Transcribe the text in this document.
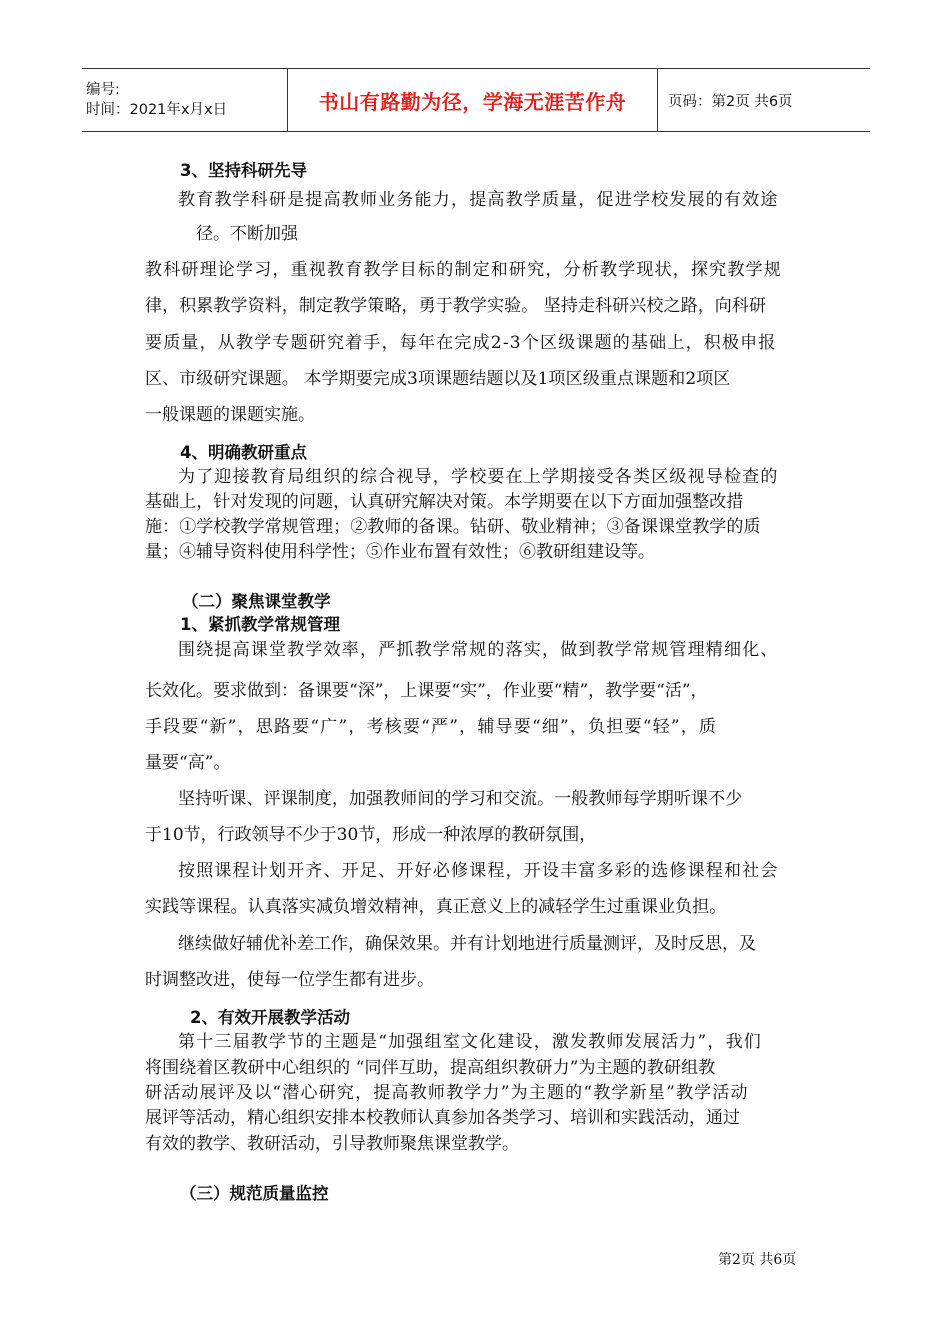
编号:
时间：2021年x月x日	书山有路勤为径，学海无涯苦作舟	页码：第2页 共6页
3、坚持科研先导
教育教学科研是提高教师业务能力，提高教学质量，促进学校发展的有效途
径。不断加强
教科研理论学习，重视教育教学目标的制定和研究，分析教学现状，探究教学规
律，积累教学资料，制定教学策略，勇于教学实验。 坚持走科研兴校之路，向科研
要质量，从教学专题研究着手，每年在完成2-3个区级课题的基础上，积极申报
区、市级研究课题。 本学期要完成3项课题结题以及1项区级重点课题和2项区
一般课题的课题实施。
4、明确教研重点
为了迎接教育局组织的综合视导，学校要在上学期接受各类区级视导检查的
基础上，针对发现的问题，认真研究解决对策。本学期要在以下方面加强整改措
施：①学校教学常规管理；②教师的备课。钻研、敬业精神；③备课课堂教学的质
量；④辅导资料使用科学性；⑤作业布置有效性；⑥教研组建设等。
（二）聚焦课堂教学
1、紧抓教学常规管理
围绕提高课堂教学效率，严抓教学常规的落实，做到教学常规管理精细化、
长效化。要求做到：备课要“深”，上课要“实”，作业要“精”，教学要“活”，
手段要“新”，思路要“广”，考核要“严”，辅导要“细”，负担要“轻”，质
量要“高”。
坚持听课、评课制度，加强教师间的学习和交流。一般教师每学期听课不少
于10节，行政领导不少于30节，形成一种浓厚的教研氛围，
按照课程计划开齐、开足、开好必修课程，开设丰富多彩的选修课程和社会
实践等课程。认真落实减负增效精神，真正意义上的减轻学生过重课业负担。
继续做好辅优补差工作，确保效果。并有计划地进行质量测评，及时反思，及
时调整改进，使每一位学生都有进步。
2、有效开展教学活动
第十三届教学节的主题是“加强组室文化建设，激发教师发展活力”，我们
将围绕着区教研中心组织的 “同伴互助，提高组织教研力”为主题的教研组教
研活动展评及以“潜心研究，提高教师教学力”为主题的“教学新星”教学活动
展评等活动，精心组织安排本校教师认真参加各类学习、培训和实践活动，通过
有效的教学、教研活动，引导教师聚焦课堂教学。
（三）规范质量监控
第2页 共6页
